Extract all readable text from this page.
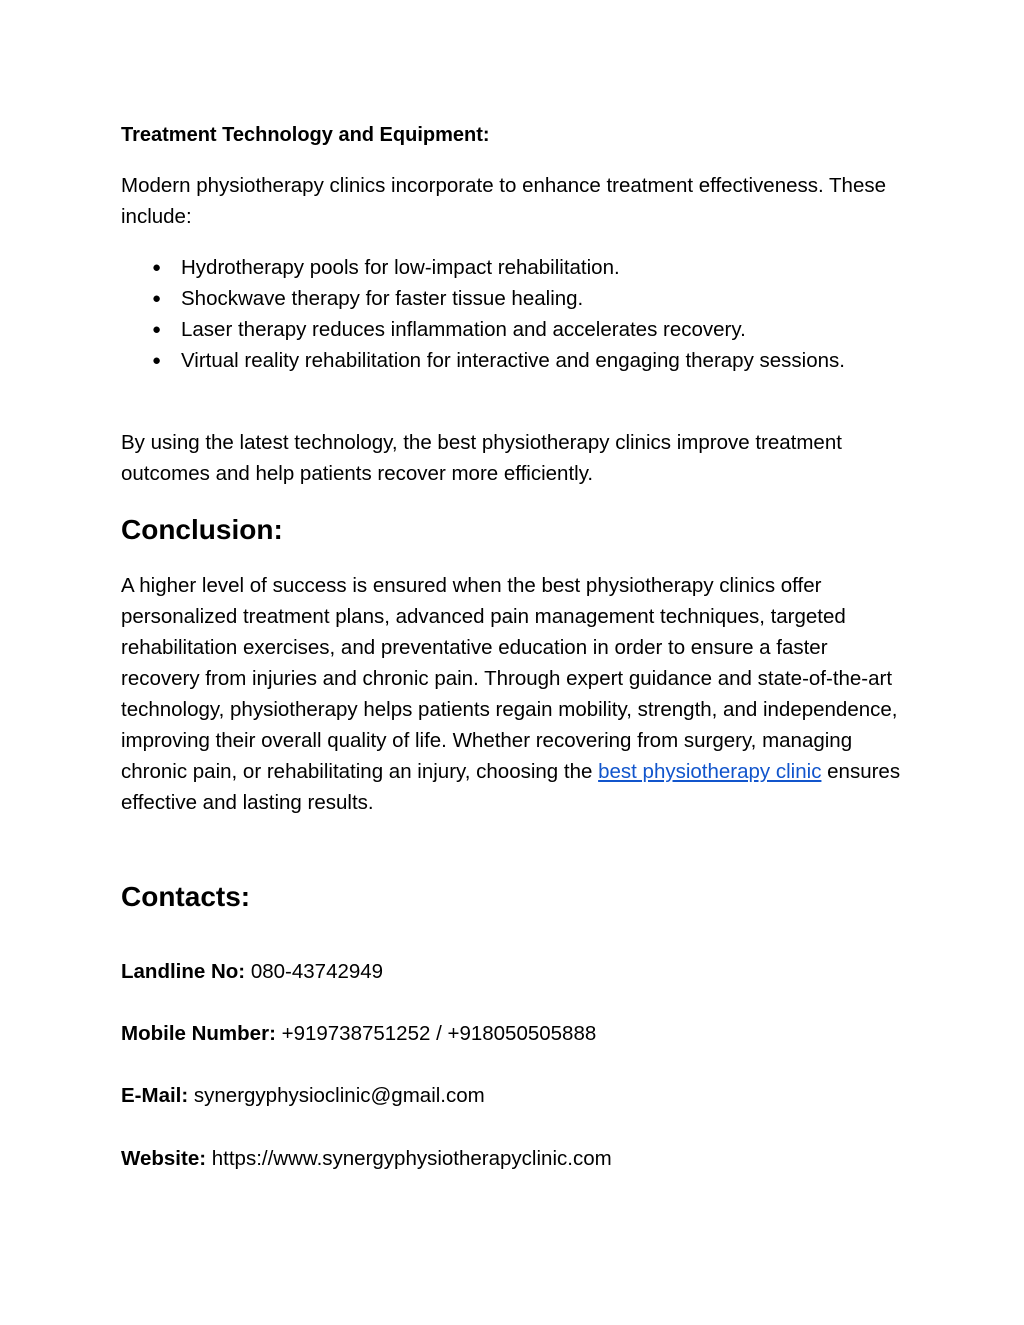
Treatment Technology and Equipment:
Modern physiotherapy clinics incorporate to enhance treatment effectiveness. These include:
● Hydrotherapy pools for low-impact rehabilitation.
● Shockwave therapy for faster tissue healing.
● Laser therapy reduces inflammation and accelerates recovery.
● Virtual reality rehabilitation for interactive and engaging therapy sessions.
By using the latest technology, the best physiotherapy clinics improve treatment outcomes and help patients recover more efficiently.
Conclusion:
A higher level of success is ensured when the best physiotherapy clinics offer personalized treatment plans, advanced pain management techniques, targeted rehabilitation exercises, and preventative education in order to ensure a faster recovery from injuries and chronic pain. Through expert guidance and state-of-the-art technology, physiotherapy helps patients regain mobility, strength, and independence, improving their overall quality of life. Whether recovering from surgery, managing chronic pain, or rehabilitating an injury, choosing the best physiotherapy clinic ensures effective and lasting results.
Contacts:
Landline No: 080-43742949
Mobile Number: +919738751252 / +918050505888
E-Mail: synergyphysioclinic@gmail.com
Website: https://www.synergyphysiotherapyclinic.com
